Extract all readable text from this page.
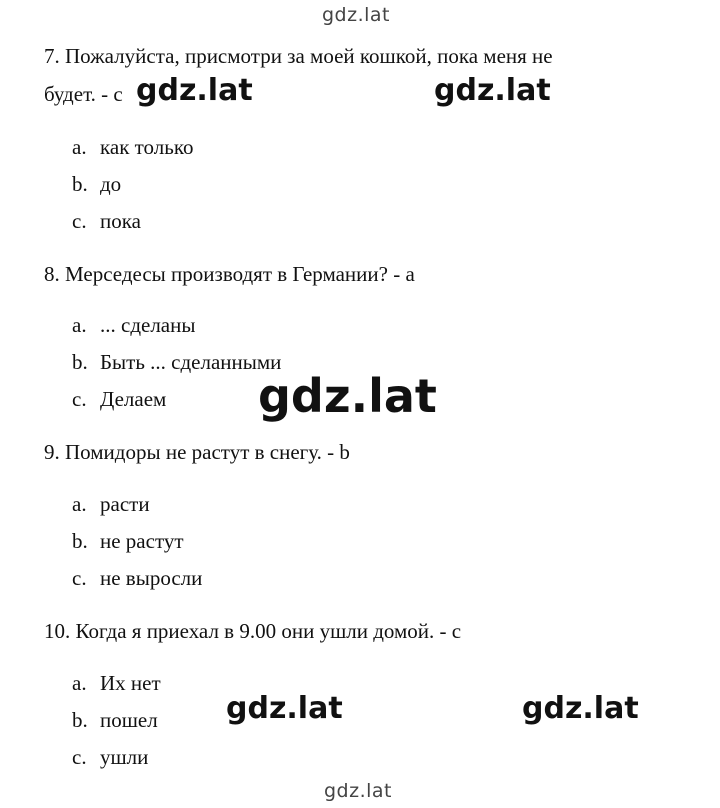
7. Пожалуйста, присмотри за моей кошкой, пока меня не
будет. - с
a. как только
b. до
c. пока
8. Мерседесы производят в Германии? - а
a. ... сделаны
b. Быть ... сделанными
c. Делаем
9. Помидоры не растут в снегу. - b
a. расти
b. не растут
c. не выросли
10. Когда я приехал в 9.00 они ушли домой. - с
a. Их нет
b. пошел
c. ушли
gdz.lat
gdz.lat	gdz.lat
gdz.lat
gdz.lat	gdz.lat
gdz.lat
